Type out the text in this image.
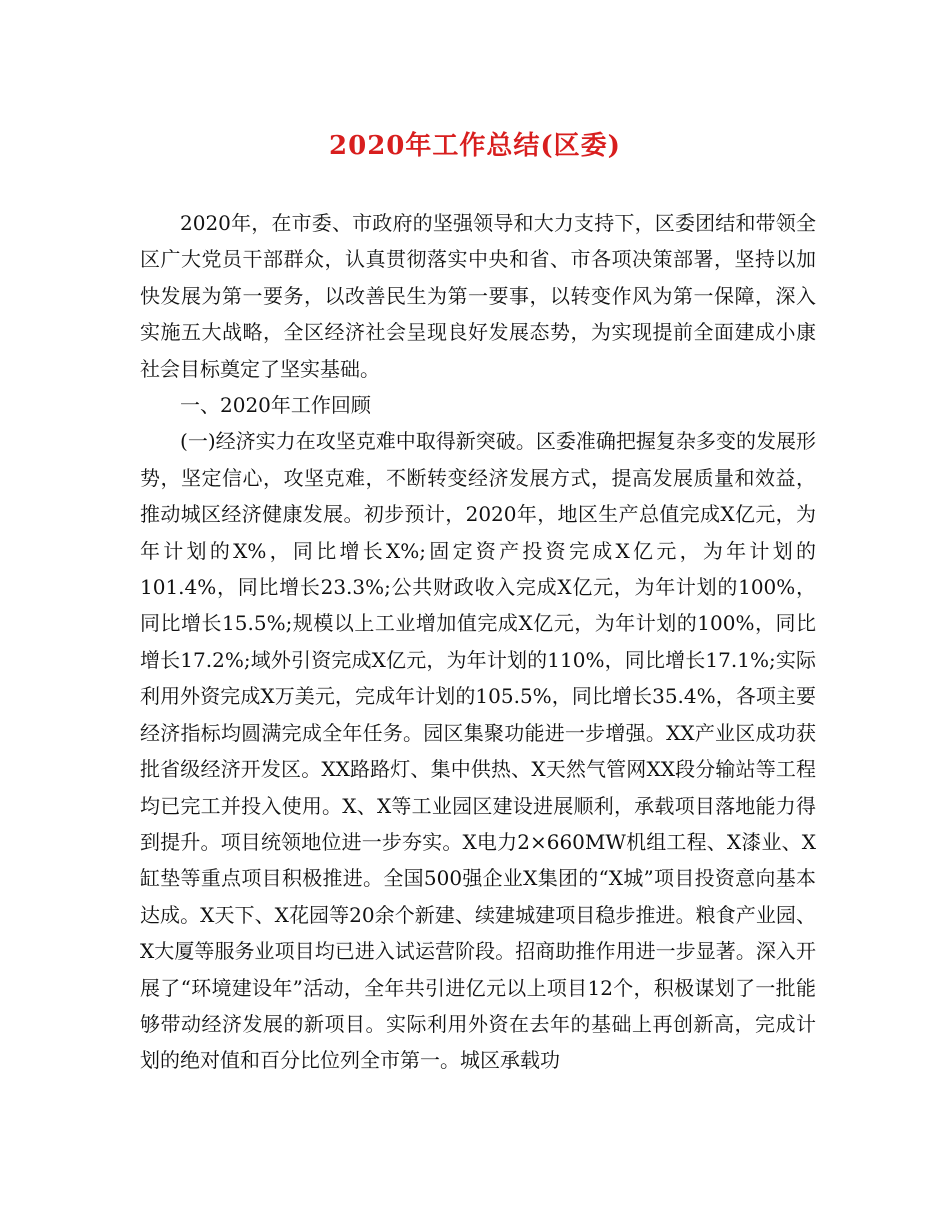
2020年工作总结(区委)

2020年，在市委、市政府的坚强领导和大力支持下，区委团结和带领全区广大党员干部群众，认真贯彻落实中央和省、市各项决策部署，坚持以加快发展为第一要务，以改善民生为第一要事，以转变作风为第一保障，深入实施五大战略，全区经济社会呈现良好发展态势，为实现提前全面建成小康社会目标奠定了坚实基础。

一、2020年工作回顾

(一)经济实力在攻坚克难中取得新突破。区委准确把握复杂多变的发展形势，坚定信心，攻坚克难，不断转变经济发展方式，提高发展质量和效益，推动城区经济健康发展。初步预计，2020年，地区生产总值完成X亿元，为年计划的X%，同比增长X%;固定资产投资完成X亿元，为年计划的101.4%，同比增长23.3%;公共财政收入完成X亿元，为年计划的100%，同比增长15.5%;规模以上工业增加值完成X亿元，为年计划的100%，同比增长17.2%;域外引资完成X亿元，为年计划的110%，同比增长17.1%;实际利用外资完成X万美元，完成年计划的105.5%，同比增长35.4%，各项主要经济指标均圆满完成全年任务。园区集聚功能进一步增强。XX产业区成功获批省级经济开发区。XX路路灯、集中供热、X天然气管网XX段分输站等工程均已完工并投入使用。X、X等工业园区建设进展顺利，承载项目落地能力得到提升。项目统领地位进一步夯实。X电力2×660MW机组工程、X漆业、X缸垫等重点项目积极推进。全国500强企业X集团的“X城”项目投资意向基本达成。X天下、X花园等20余个新建、续建城建项目稳步推进。粮食产业园、X大厦等服务业项目均已进入试运营阶段。招商助推作用进一步显著。深入开展了“环境建设年”活动，全年共引进亿元以上项目12个，积极谋划了一批能够带动经济发展的新项目。实际利用外资在去年的基础上再创新高，完成计划的绝对值和百分比位列全市第一。城区承载功
